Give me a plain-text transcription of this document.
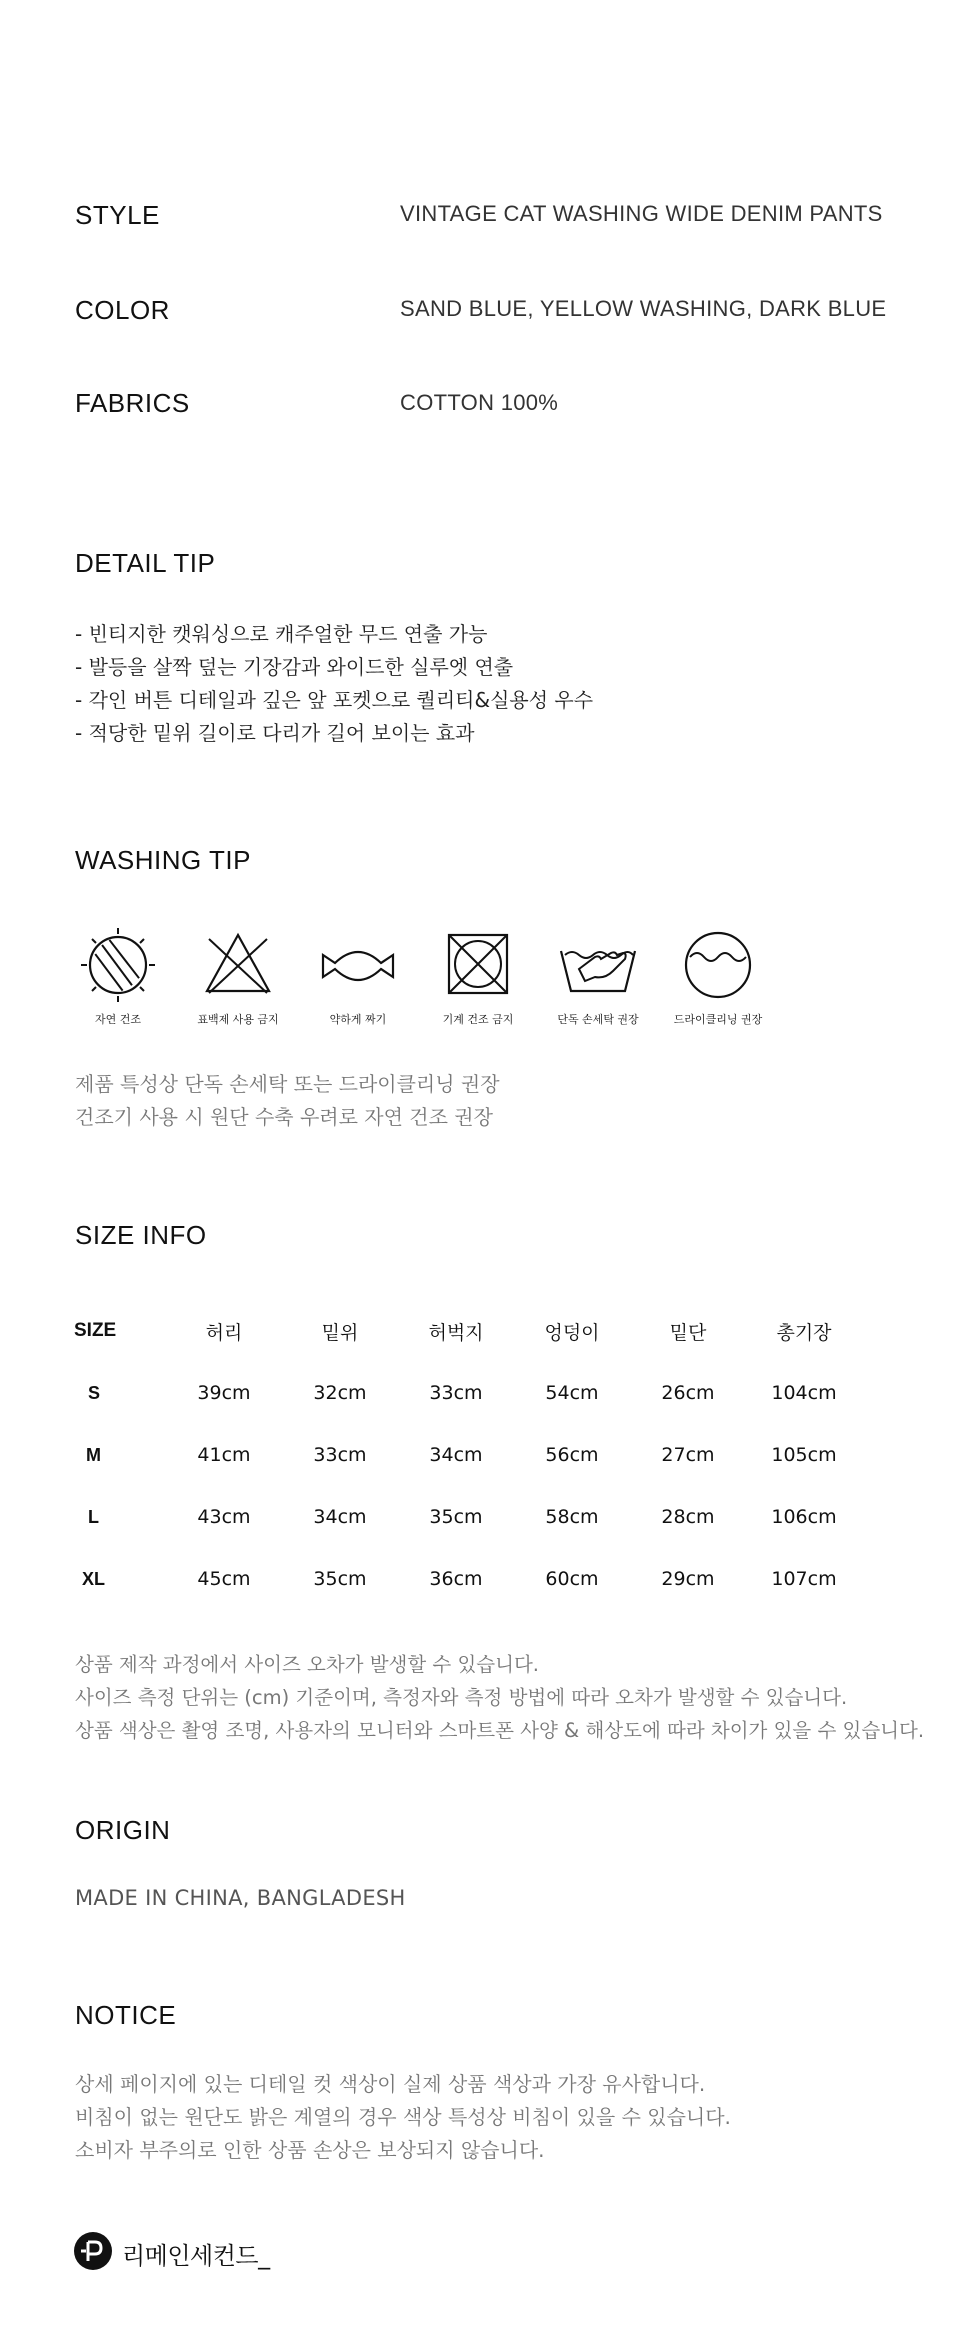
STYLE	VINTAGE CAT WASHING WIDE DENIM PANTS
COLOR	SAND BLUE, YELLOW WASHING, DARK BLUE
FABRICS	COTTON 100%
DETAIL TIP
- 빈티지한 캣워싱으로 캐주얼한 무드 연출 가능
- 발등을 살짝 덮는 기장감과 와이드한 실루엣 연출
- 각인 버튼 디테일과 깊은 앞 포켓으로 퀄리티&실용성 우수
- 적당한 밑위 길이로 다리가 길어 보이는 효과
WASHING TIP
자연 건조	표백제 사용 금지	약하게 짜기	기계 건조 금지	단독 손세탁 권장	드라이클리닝 권장
제품 특성상 단독 손세탁 또는 드라이클리닝 권장
건조기 사용 시 원단 수축 우려로 자연 건조 권장
SIZE INFO
SIZE	허리	밑위	허벅지	엉덩이	밑단	총기장
S	39cm	32cm	33cm	54cm	26cm	104cm
M	41cm	33cm	34cm	56cm	27cm	105cm
L	43cm	34cm	35cm	58cm	28cm	106cm
XL	45cm	35cm	36cm	60cm	29cm	107cm
상품 제작 과정에서 사이즈 오차가 발생할 수 있습니다.
사이즈 측정 단위는 (cm) 기준이며, 측정자와 측정 방법에 따라 오차가 발생할 수 있습니다.
상품 색상은 촬영 조명, 사용자의 모니터와 스마트폰 사양 & 해상도에 따라 차이가 있을 수 있습니다.
ORIGIN
MADE IN CHINA, BANGLADESH
NOTICE
상세 페이지에 있는 디테일 컷 색상이 실제 상품 색상과 가장 유사합니다.
비침이 없는 원단도 밝은 계열의 경우 색상 특성상 비침이 있을 수 있습니다.
소비자 부주의로 인한 상품 손상은 보상되지 않습니다.
리메인세컨드_
